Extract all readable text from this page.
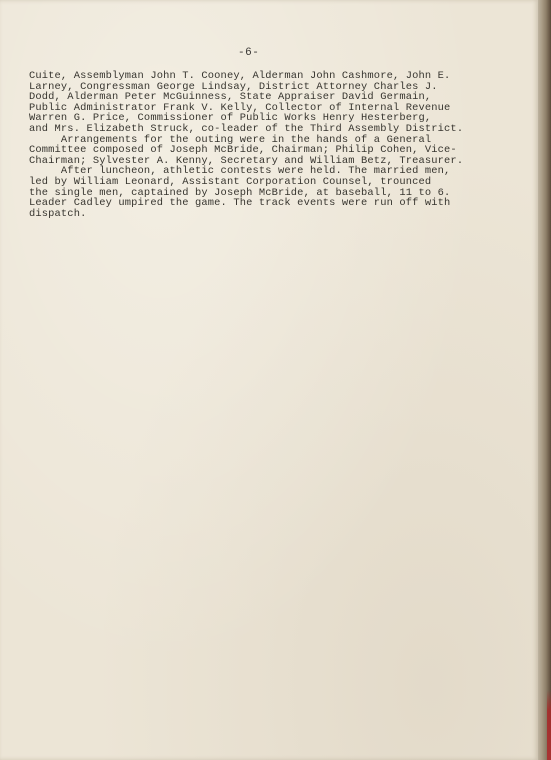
-6-
Cuite, Assemblyman John T. Cooney, Alderman John Cashmore, John E.
Larney, Congressman George Lindsay, District Attorney Charles J.
Dodd, Alderman Peter McGuinness, State Appraiser David Germain,
Public Administrator Frank V. Kelly, Collector of Internal Revenue
Warren G. Price, Commissioner of Public Works Henry Hesterberg,
and Mrs. Elizabeth Struck, co-leader of the Third Assembly District.
Arrangements for the outing were in the hands of a General
Committee composed of Joseph McBride, Chairman; Philip Cohen, Vice-
Chairman; Sylvester A. Kenny, Secretary and William Betz, Treasurer.
After luncheon, athletic contests were held. The married men,
led by William Leonard, Assistant Corporation Counsel, trounced
the single men, captained by Joseph McBride, at baseball, 11 to 6.
Leader Cadley umpired the game. The track events were run off with
dispatch.
